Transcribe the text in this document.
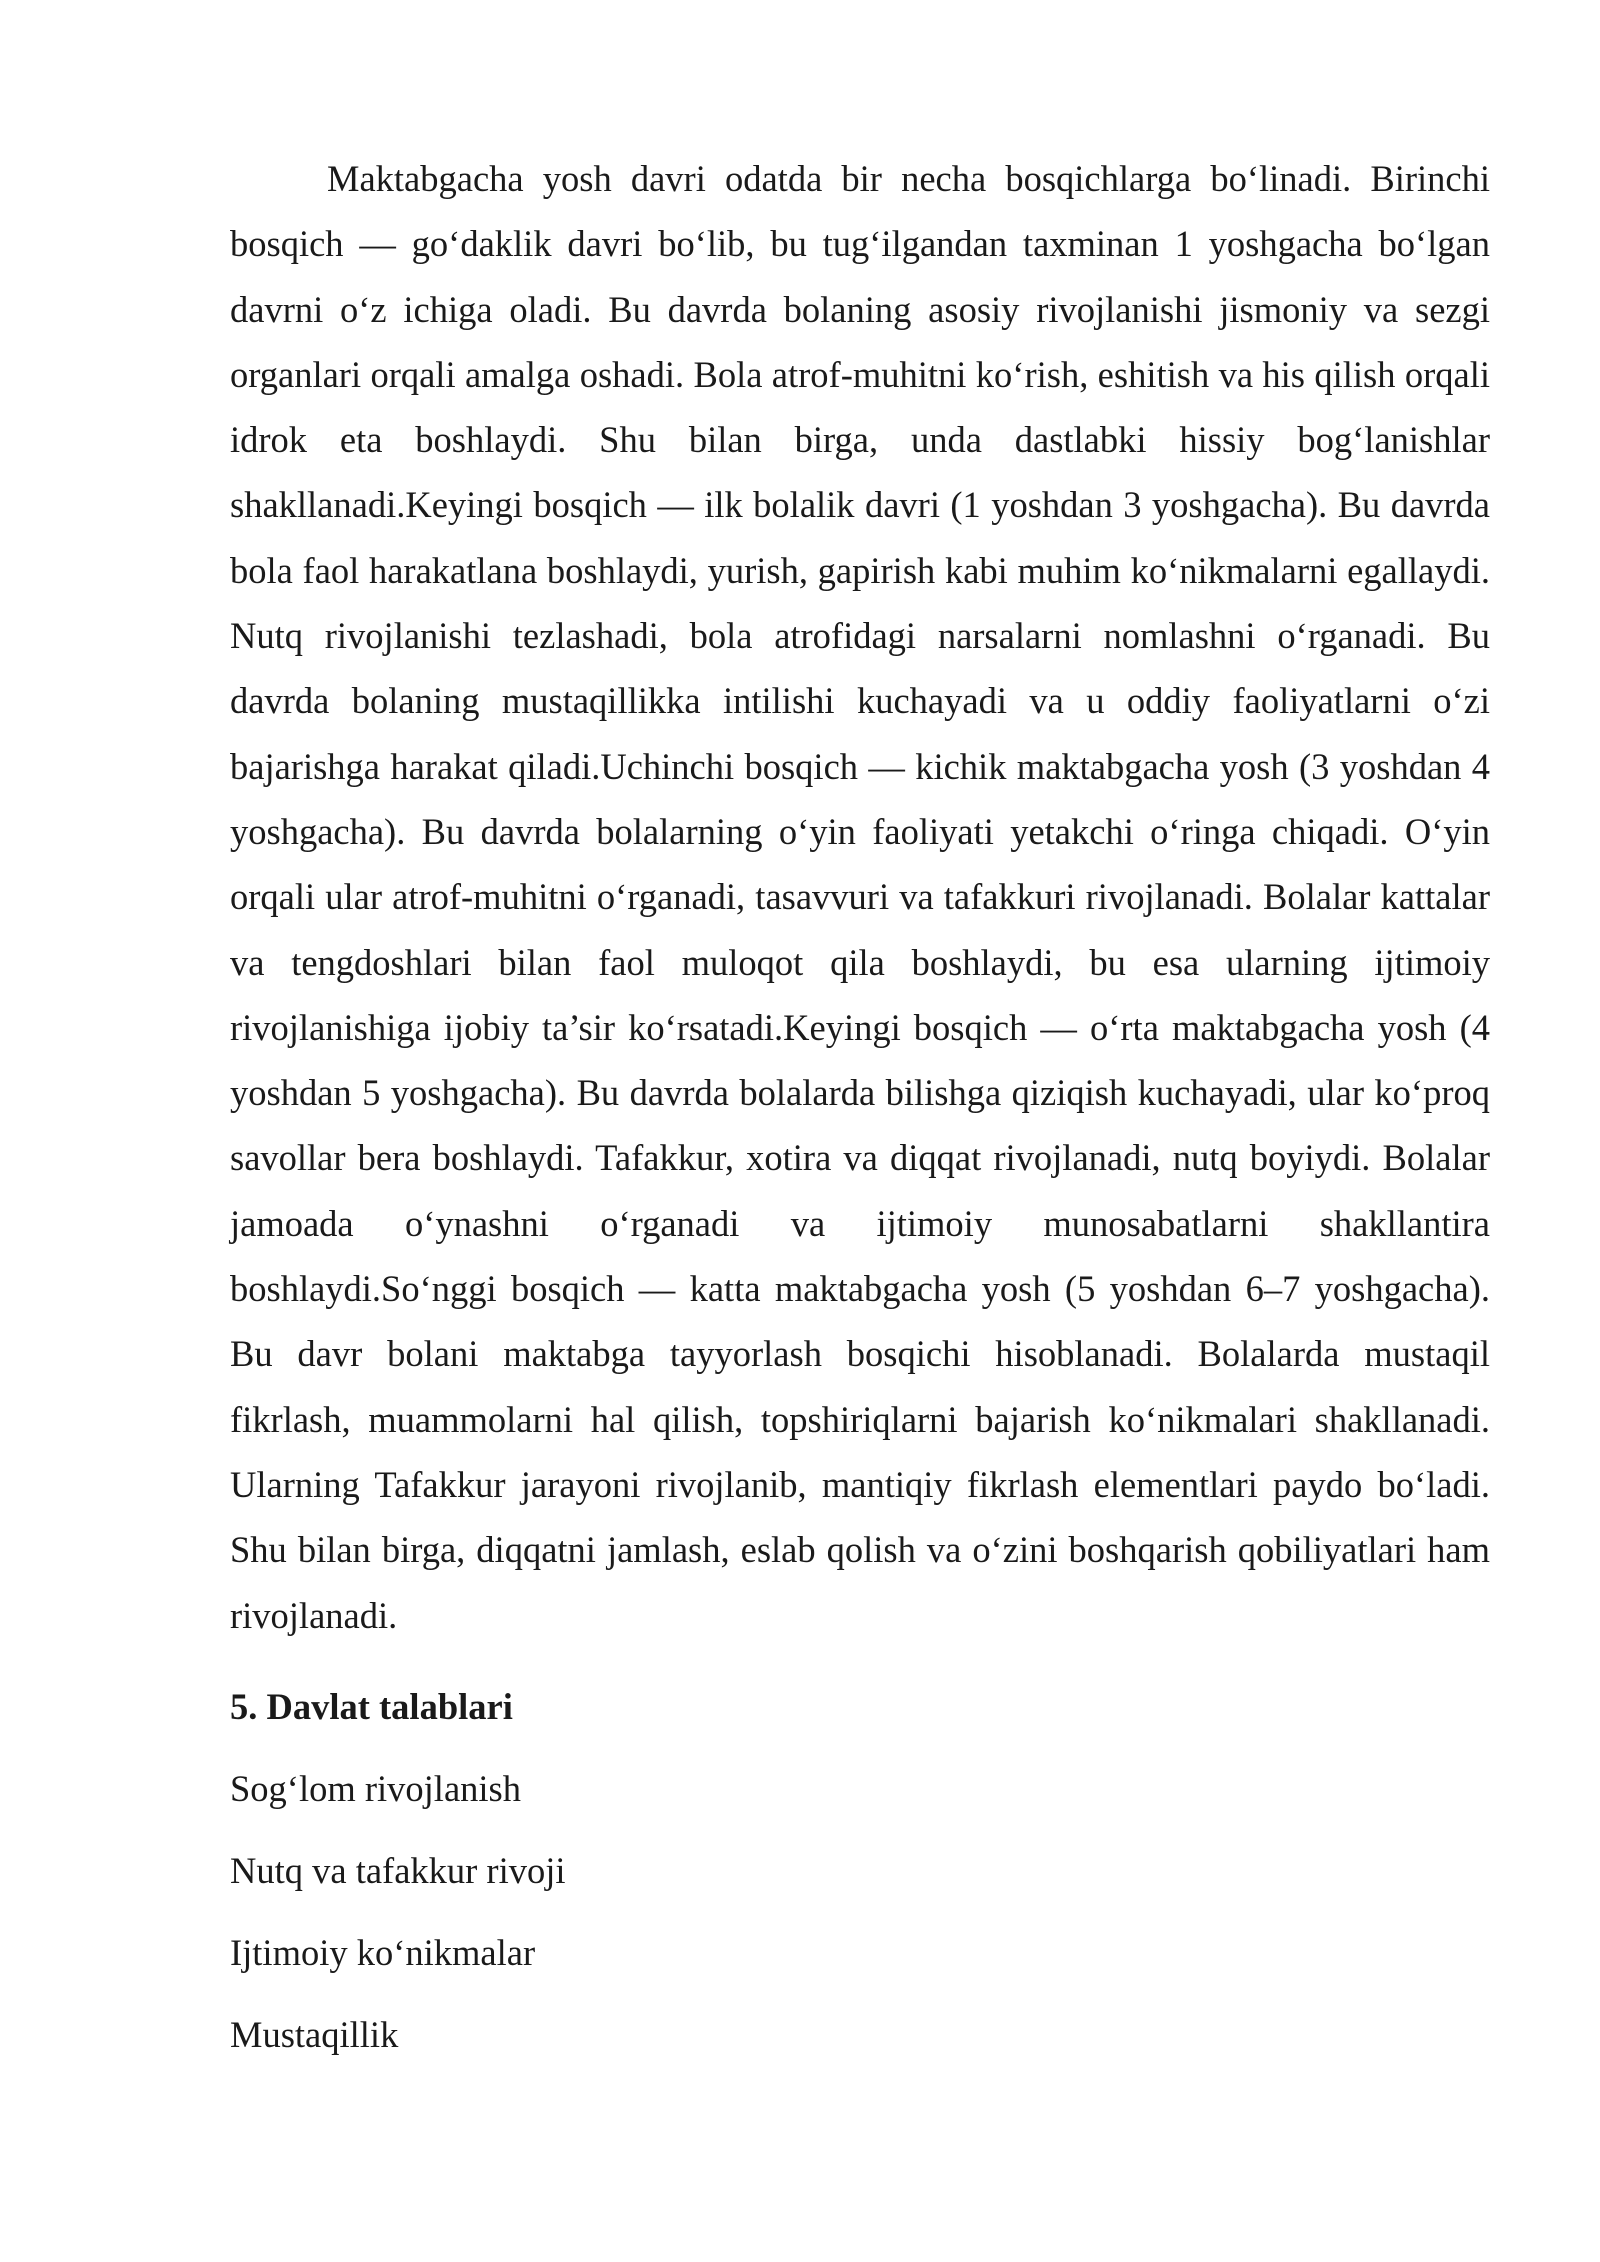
Maktabgacha yosh davri odatda bir necha bosqichlarga bo‘linadi. Birinchi bosqich — go‘daklik davri bo‘lib, bu tug‘ilgandan taxminan 1 yoshgacha bo‘lgan davrni o‘z ichiga oladi. Bu davrda bolaning asosiy rivojlanishi jismoniy va sezgi organlari orqali amalga oshadi. Bola atrof-muhitni ko‘rish, eshitish va his qilish orqali idrok eta boshlaydi. Shu bilan birga, unda dastlabki hissiy bog‘lanishlar shakllanadi.Keyingi bosqich — ilk bolalik davri (1 yoshdan 3 yoshgacha). Bu davrda bola faol harakatlana boshlaydi, yurish, gapirish kabi muhim ko‘nikmalarni egallaydi. Nutq rivojlanishi tezlashadi, bola atrofidagi narsalarni nomlashni o‘rganadi. Bu davrda bolaning mustaqillikka intilishi kuchayadi va u oddiy faoliyatlarni o‘zi bajarishga harakat qiladi.Uchinchi bosqich — kichik maktabgacha yosh (3 yoshdan 4 yoshgacha). Bu davrda bolalarning o‘yin faoliyati yetakchi o‘ringa chiqadi. O‘yin orqali ular atrof-muhitni o‘rganadi, tasavvuri va tafakkuri rivojlanadi. Bolalar kattalar va tengdoshlari bilan faol muloqot qila boshlaydi, bu esa ularning ijtimoiy rivojlanishiga ijobiy ta’sir ko‘rsatadi.Keyingi bosqich — o‘rta maktabgacha yosh (4 yoshdan 5 yoshgacha). Bu davrda bolalarda bilishga qiziqish kuchayadi, ular ko‘proq savollar bera boshlaydi. Tafakkur, xotira va diqqat rivojlanadi, nutq boyiydi. Bolalar jamoada o‘ynashni o‘rganadi va ijtimoiy munosabatlarni shakllantira boshlaydi.So‘nggi bosqich — katta maktabgacha yosh (5 yoshdan 6–7 yoshgacha). Bu davr bolani maktabga tayyorlash bosqichi hisoblanadi. Bolalarda mustaqil fikrlash, muammolarni hal qilish, topshiriqlarni bajarish ko‘nikmalari shakllanadi. Ularning Tafakkur jarayoni rivojlanib, mantiqiy fikrlash elementlari paydo bo‘ladi. Shu bilan birga, diqqatni jamlash, eslab qolish va o‘zini boshqarish qobiliyatlari ham rivojlanadi.

5. Davlat talablari
Sog‘lom rivojlanish
Nutq va tafakkur rivoji
Ijtimoiy ko‘nikmalar
Mustaqillik
